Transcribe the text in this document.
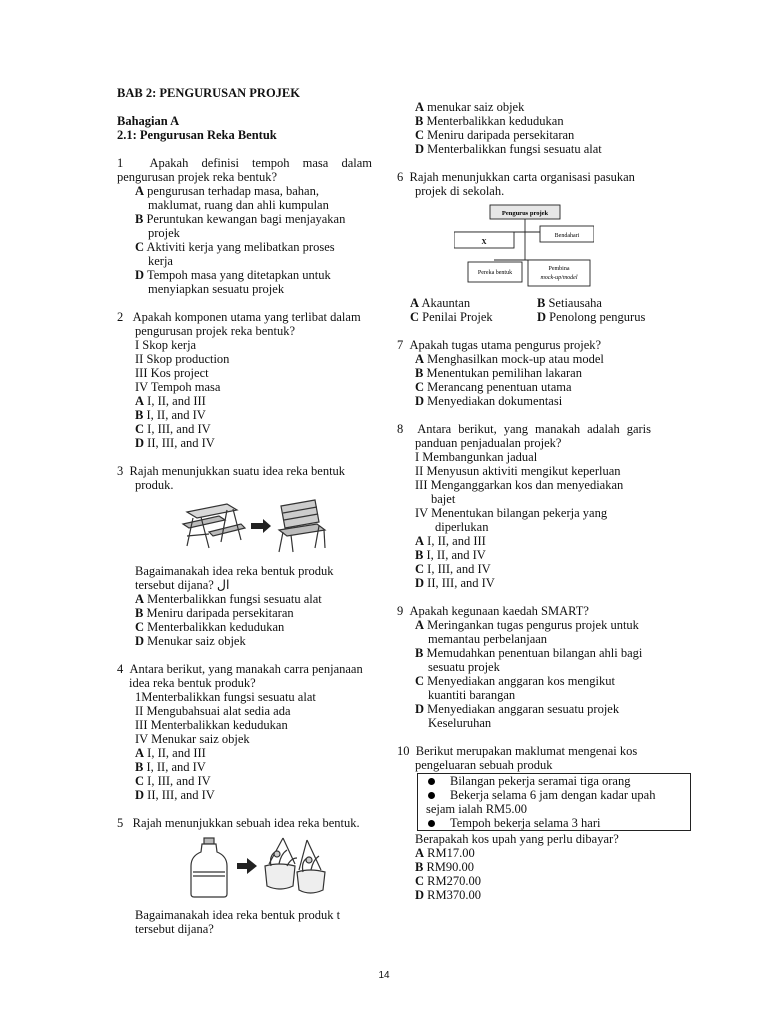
BAB 2: PENGURUSAN PROJEK
Bahagian A
2.1: Pengurusan Reka Bentuk
1 Apakah definisi tempoh masa dalam
pengurusan projek reka bentuk?
A pengurusan terhadap masa, bahan,
maklumat, ruang dan ahli kumpulan
B Peruntukan kewangan bagi menjayakan
projek
C Aktiviti kerja yang melibatkan proses
kerja
D Tempoh masa yang ditetapkan untuk
menyiapkan sesuatu projek
2 Apakah komponen utama yang terlibat dalam
pengurusan projek reka bentuk?
I Skop kerja
II Skop production
III Kos project
IV Tempoh masa
A I, II, and III
B I, II, and IV
C I, III, and IV
D II, III, and IV
3 Rajah menunjukkan suatu idea reka bentuk
produk.
Bagaimanakah idea reka bentuk produk
tersebut dijana? ال
A Menterbalikkan fungsi sesuatu alat
B Meniru daripada persekitaran
C Menterbalikkan kedudukan
D Menukar saiz objek
4 Antara berikut, yang manakah carra penjanaan
idea reka bentuk produk?
1Menterbalikkan fungsi sesuatu alat
II Mengubahsuai alat sedia ada
III Menterbalikkan kedudukan
IV Menukar saiz objek
A I, II, and III
B I, II, and IV
C I, III, and IV
D II, III, and IV
5 Rajah menunjukkan sebuah idea reka bentuk.
Bagaimanakah idea reka bentuk produk t
tersebut dijana?
A menukar saiz objek
B Menterbalikkan kedudukan
C Meniru daripada persekitaran
D Menterbalikkan fungsi sesuatu alat
6 Rajah menunjukkan carta organisasi pasukan
projek di sekolah.
Pengurus projek
X
Bendahari
Pereka bentuk
Pembina
mock-up/model
A Akauntan	B Setiausaha
C Penilai Projek	D Penolong pengurus
7 Apakah tugas utama pengurus projek?
A Menghasilkan mock-up atau model
B Menentukan pemilihan lakaran
C Merancang penentuan utama
D Menyediakan dokumentasi
8 Antara berikut, yang manakah adalah garis
panduan penjadualan projek?
I Membangunkan jadual
II Menyusun aktiviti mengikut keperluan
III Menganggarkan kos dan menyediakan
bajet
IV Menentukan bilangan pekerja yang
diperlukan
A I, II, and III
B I, II, and IV
C I, III, and IV
D II, III, and IV
9 Apakah kegunaan kaedah SMART?
A Meringankan tugas pengurus projek untuk
memantau perbelanjaan
B Memudahkan penentuan bilangan ahli bagi
sesuatu projek
C Menyediakan anggaran kos mengikut
kuantiti barangan
D Menyediakan anggaran sesuatu projek
Keseluruhan
10 Berikut merupakan maklumat mengenai kos
pengeluaran sebuah produk
Bilangan pekerja seramai tiga orang
Bekerja selama 6 jam dengan kadar upah
sejam ialah RM5.00
Tempoh bekerja selama 3 hari
Berapakah kos upah yang perlu dibayar?
A RM17.00
B RM90.00
C RM270.00
D RM370.00
14
